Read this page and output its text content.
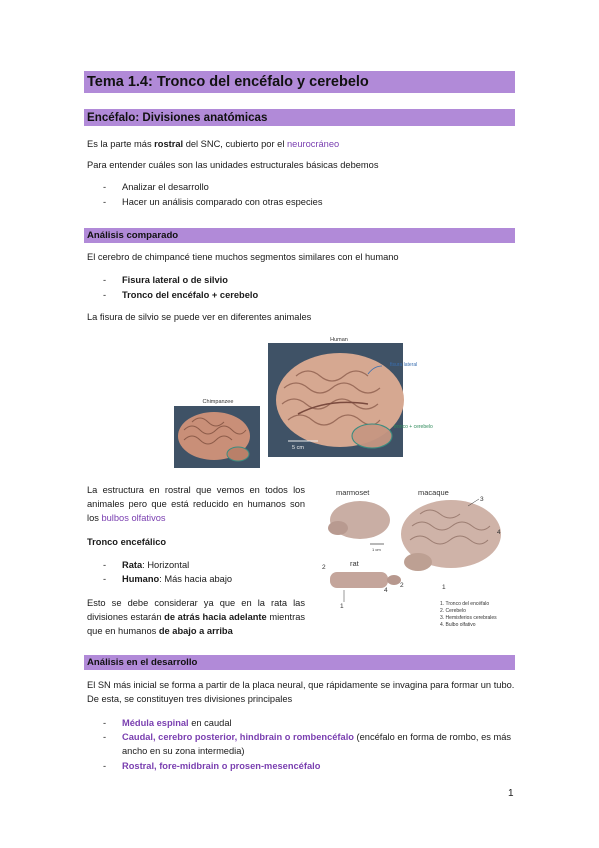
Tema 1.4: Tronco del encéfalo y cerebelo
Encéfalo: Divisiones anatómicas
Es la parte más rostral del SNC, cubierto por el neurocráneo
Para entender cuáles son las unidades estructurales básicas debemos
-	Analizar el desarrollo
-	Hacer un análisis comparado con otras especies
Análisis comparado
El cerebro de chimpancé tiene muchos segmentos similares con el humano
-	Fisura lateral o de silvio
-	Tronco del encéfalo + cerebelo
La fisura de silvio se puede ver en diferentes animales
Human
5 cm
fisura lateral
tronco + cerebelo
Chimpanzee
La estructura en rostral que vemos en todos los animales pero que está reducido en humanos son los bulbos olfativos
Tronco encefálico
-	Rata: Horizontal
-	Humano: Más hacia abajo
Esto se debe considerar ya que en la rata las divisiones estarán de atrás hacia adelante mientras que en humanos de abajo a arriba
marmoset	macaque
1 cm
3
4
2	1
rat
2
4
1	1. Tronco del encéfalo
2. Cerebelo
3. Hemisferios cerebrales
4. Bulbo olfativo
Análisis en el desarrollo
El SN más inicial se forma a partir de la placa neural, que rápidamente se invagina para formar un tubo. De esta, se constituyen tres divisiones principales
-	Médula espinal en caudal
-	Caudal, cerebro posterior, hindbrain o rombencéfalo (encéfalo en forma de rombo, es más ancho en su zona intermedia)
-	Rostral, fore-midbrain o prosen-mesencéfalo
1
